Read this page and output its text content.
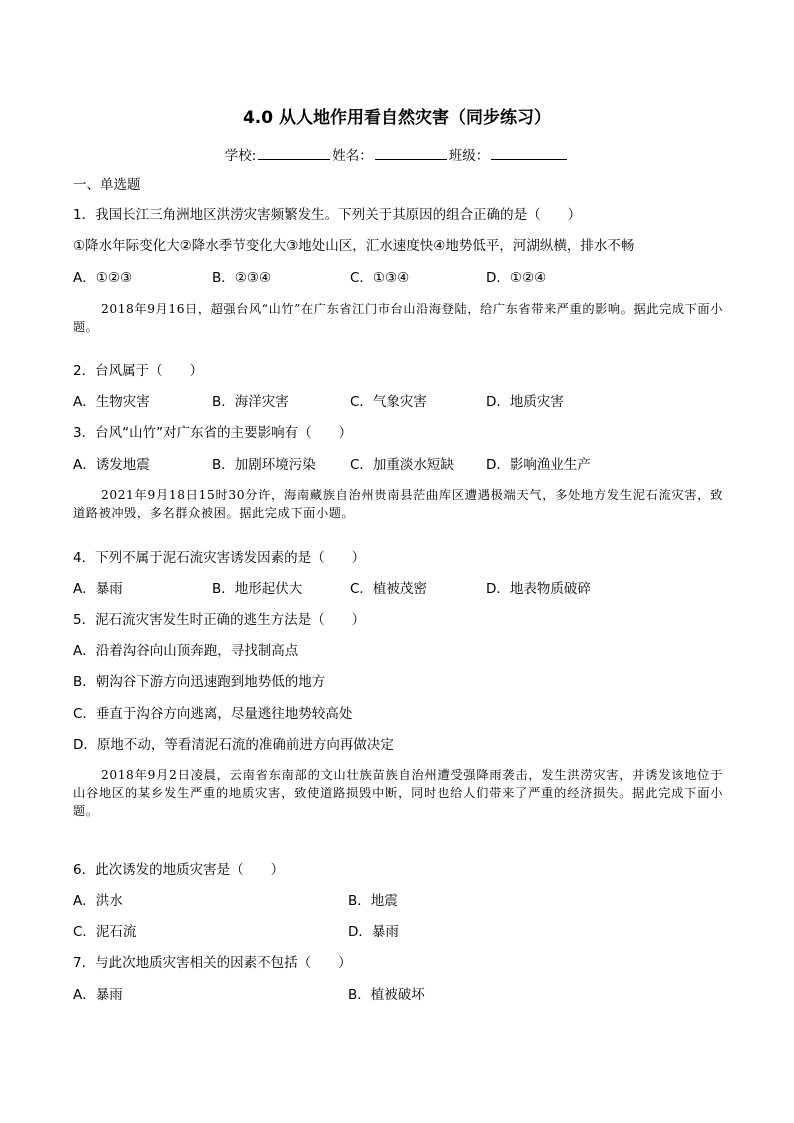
4.0 从人地作用看自然灾害（同步练习）
学校:	姓名：	班级：
一、单选题
1．我国长江三角洲地区洪涝灾害频繁发生。下列关于其原因的组合正确的是（　　）
①降水年际变化大②降水季节变化大③地处山区，汇水速度快④地势低平，河湖纵横，排水不畅
A．①②③	B．②③④	C．①③④	D．①②④
2018年9月16日，超强台风“山竹”在广东省江门市台山沿海登陆，给广东省带来严重的影响。据此完成下面小题。
2．台风属于（　　）
A．生物灾害	B．海洋灾害	C．气象灾害	D．地质灾害
3．台风“山竹”对广东省的主要影响有（　　）
A．诱发地震	B．加剧环境污染	C．加重淡水短缺 D．影响渔业生产
2021年9月18日15时30分许，海南藏族自治州贵南县茫曲库区遭遇极端天气，多处地方发生泥石流灾害，致道路被冲毁，多名群众被困。据此完成下面小题。
4．下列不属于泥石流灾害诱发因素的是（　　）
A．暴雨	B．地形起伏大	C．植被茂密	D．地表物质破碎
5．泥石流灾害发生时正确的逃生方法是（　　）
A．沿着沟谷向山顶奔跑，寻找制高点
B．朝沟谷下游方向迅速跑到地势低的地方
C．垂直于沟谷方向逃离，尽量逃往地势较高处
D．原地不动，等看清泥石流的准确前进方向再做决定
2018年9月2日凌晨，云南省东南部的文山壮族苗族自治州遭受强降雨袭击，发生洪涝灾害，并诱发该地位于山谷地区的某乡发生严重的地质灾害，致使道路损毁中断，同时也给人们带来了严重的经济损失。据此完成下面小题。
6．此次诱发的地质灾害是（　　）
A．洪水	B．地震
C．泥石流	D．暴雨
7．与此次地质灾害相关的因素不包括（　　）
A．暴雨	B．植被破坏
